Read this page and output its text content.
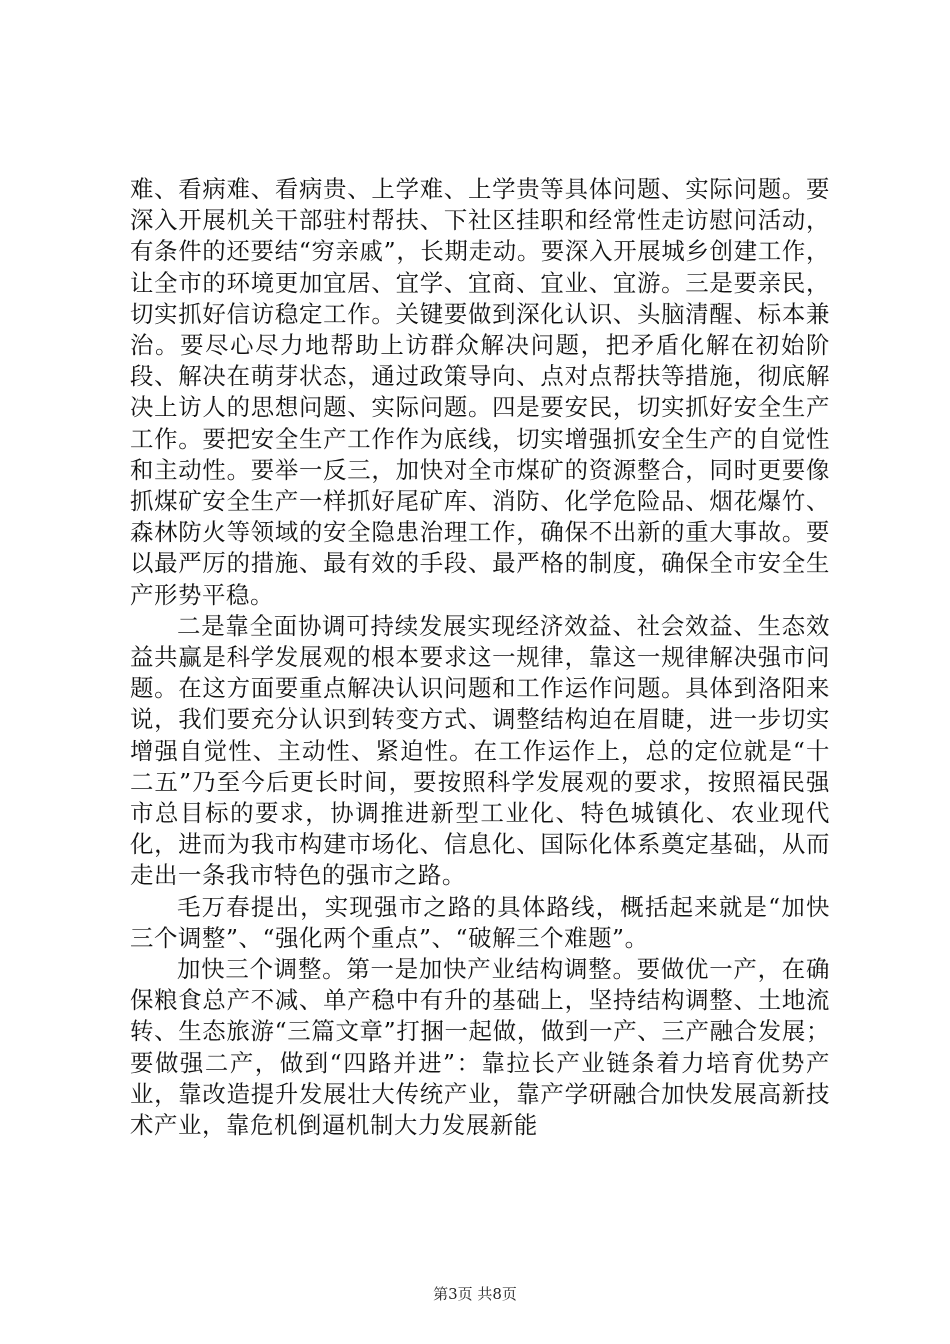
难、看病难、看病贵、上学难、上学贵等具体问题、实际问题。要深入开展机关干部驻村帮扶、下社区挂职和经常性走访慰问活动，有条件的还要结“穷亲戚”，长期走动。要深入开展城乡创建工作，让全市的环境更加宜居、宜学、宜商、宜业、宜游。三是要亲民，切实抓好信访稳定工作。关键要做到深化认识、头脑清醒、标本兼治。要尽心尽力地帮助上访群众解决问题，把矛盾化解在初始阶段、解决在萌芽状态，通过政策导向、点对点帮扶等措施，彻底解决上访人的思想问题、实际问题。四是要安民，切实抓好安全生产工作。要把安全生产工作作为底线，切实增强抓安全生产的自觉性和主动性。要举一反三，加快对全市煤矿的资源整合，同时更要像抓煤矿安全生产一样抓好尾矿库、消防、化学危险品、烟花爆竹、森林防火等领域的安全隐患治理工作，确保不出新的重大事故。要以最严厉的措施、最有效的手段、最严格的制度，确保全市安全生产形势平稳。

二是靠全面协调可持续发展实现经济效益、社会效益、生态效益共赢是科学发展观的根本要求这一规律，靠这一规律解决强市问题。在这方面要重点解决认识问题和工作运作问题。具体到洛阳来说，我们要充分认识到转变方式、调整结构迫在眉睫，进一步切实增强自觉性、主动性、紧迫性。在工作运作上，总的定位就是“十二五”乃至今后更长时间，要按照科学发展观的要求，按照福民强市总目标的要求，协调推进新型工业化、特色城镇化、农业现代化，进而为我市构建市场化、信息化、国际化体系奠定基础，从而走出一条我市特色的强市之路。

毛万春提出，实现强市之路的具体路线，概括起来就是“加快三个调整”、“强化两个重点”、“破解三个难题”。

加快三个调整。第一是加快产业结构调整。要做优一产，在确保粮食总产不减、单产稳中有升的基础上，坚持结构调整、土地流转、生态旅游“三篇文章”打捆一起做，做到一产、三产融合发展；要做强二产，做到“四路并进”：靠拉长产业链条着力培育优势产业，靠改造提升发展壮大传统产业，靠产学研融合加快发展高新技术产业，靠危机倒逼机制大力发展新能

第3页 共8页
